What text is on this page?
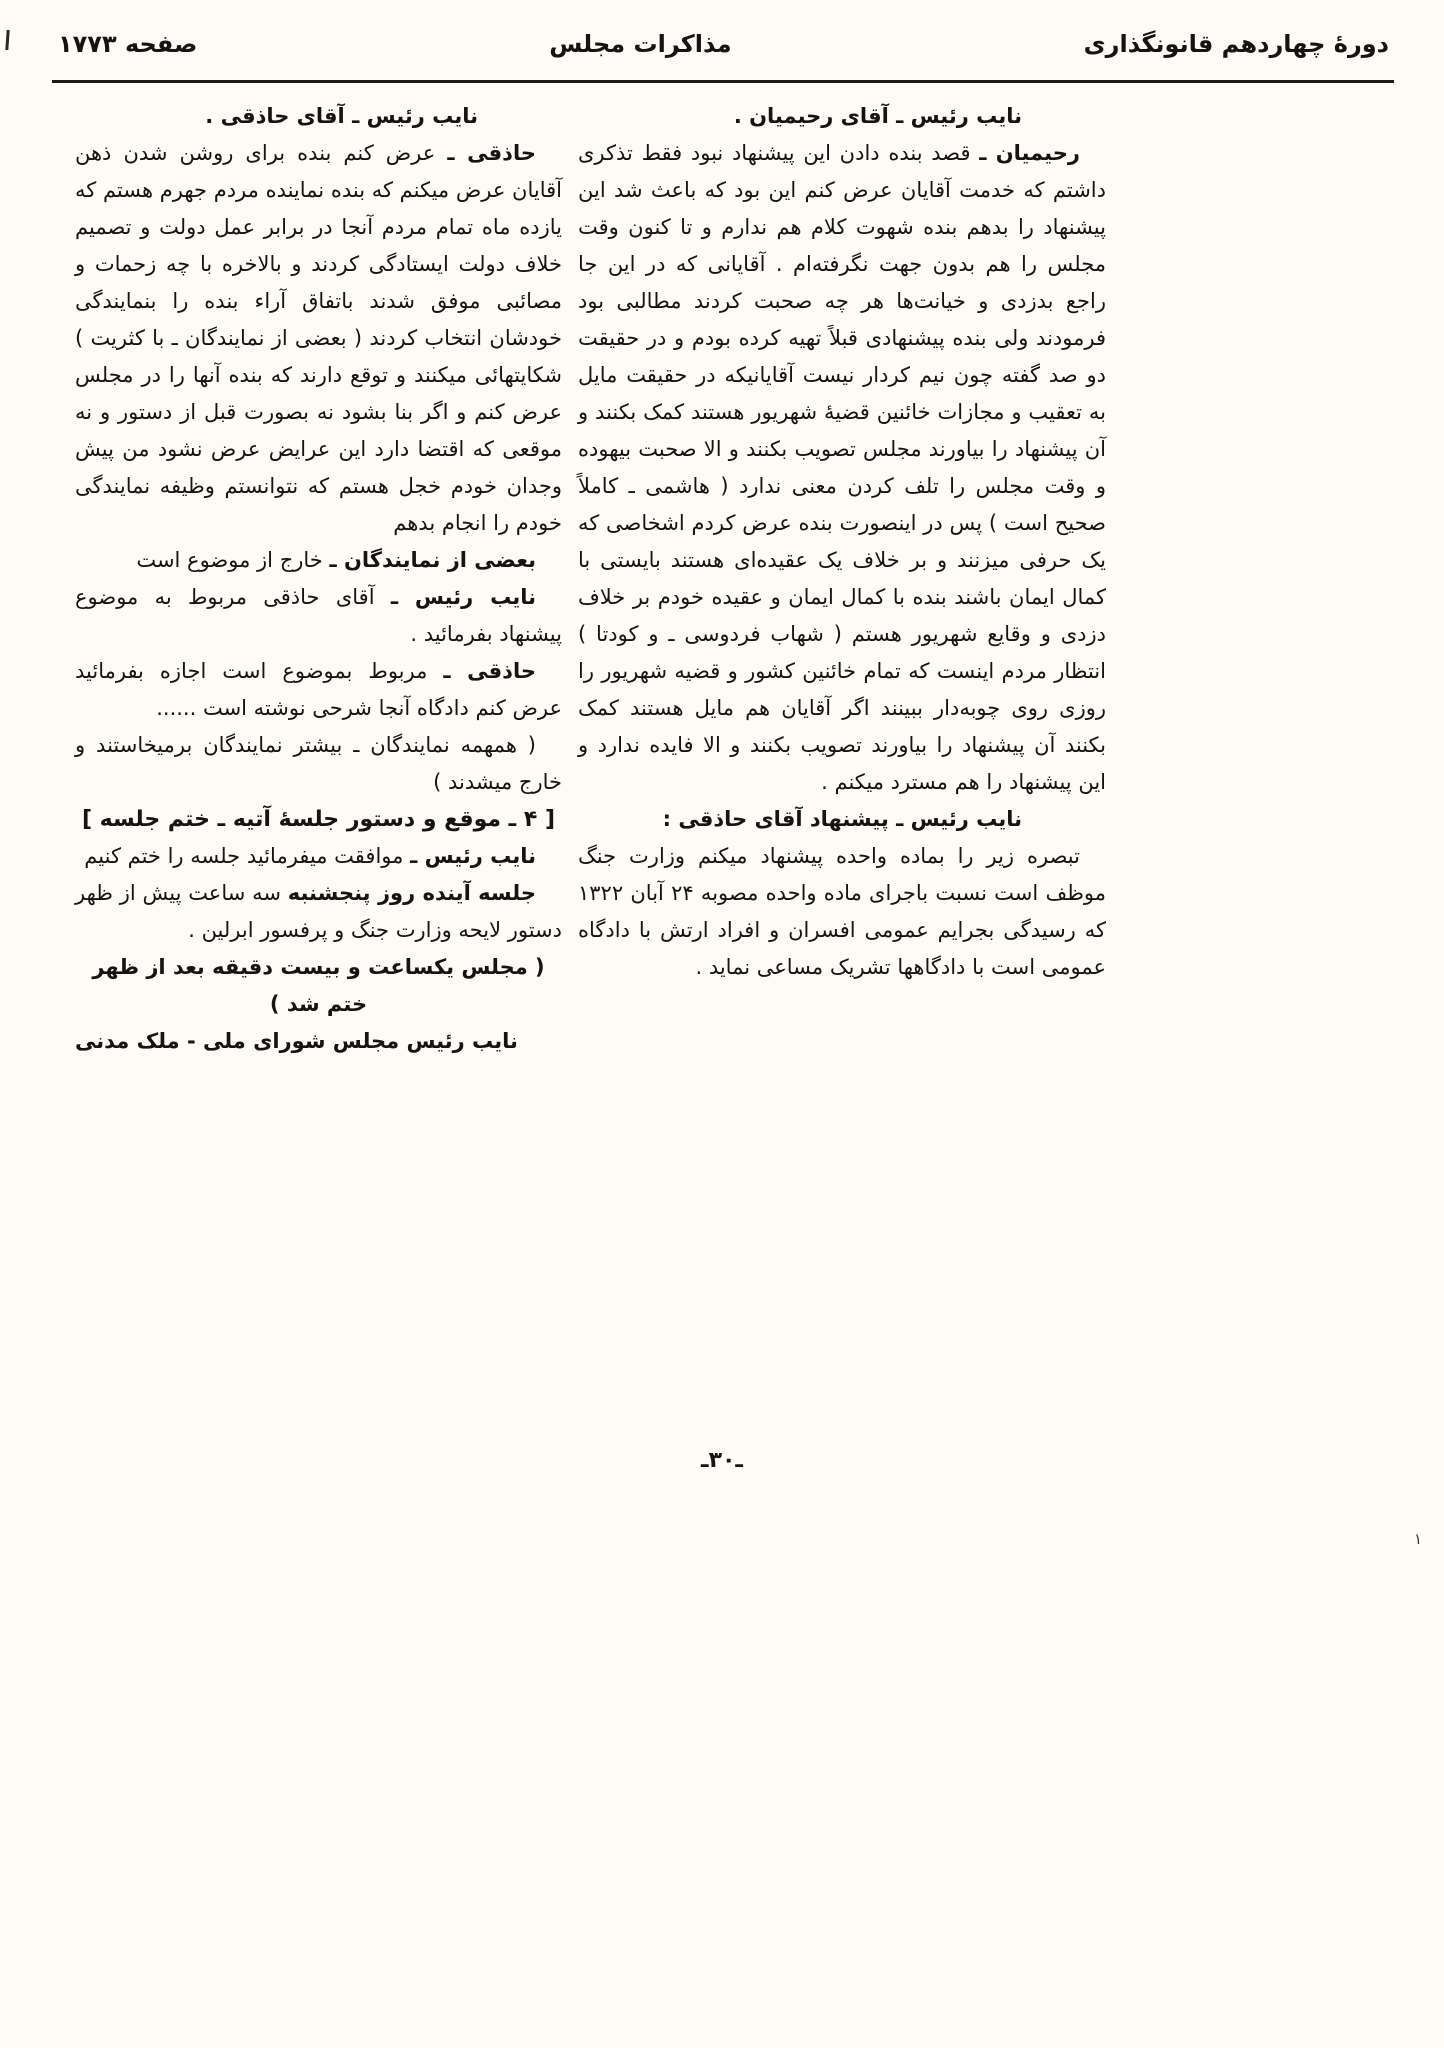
دورهٔ چهاردهم قانونگذاری
مذاکرات مجلس
صفحه ۱۷۷۳

نایب رئیس ـ آقای رحیمیان .

رحیمیان ـ قصد بنده دادن این پیشنهاد نبود فقط تذکری داشتم که خدمت آقایان عرض کنم این بود که باعث شد این پیشنهاد را بدهم بنده شهوت کلام هم ندارم و تا کنون وقت مجلس را هم بدون جهت نگرفته‌ام . آقایانی که در این جا راجع بدزدی و خیانت‌ها هر چه صحبت کردند مطالبی بود فرمودند ولی بنده پیشنهادی قبلاً تهیه کرده بودم و در حقیقت دو صد گفته چون نیم کردار نیست آقایانیکه در حقیقت مایل به تعقیب و مجازات خائنین قضیهٔ شهریور هستند کمک بکنند و آن پیشنهاد را بیاورند مجلس تصویب بکنند و الا صحبت بیهوده و وقت مجلس را تلف کردن معنی ندارد ( هاشمی ـ کاملاً صحیح است ) پس در اینصورت بنده عرض کردم اشخاصی که یک حرفی میزنند و بر خلاف یک عقیده‌ای هستند بایستی با کمال ایمان باشند بنده با کمال ایمان و عقیده خودم بر خلاف دزدی و وقایع شهریور هستم ( شهاب فردوسی ـ و کودتا ) انتظار مردم اینست که تمام خائنین کشور و قضیه شهریور را روزی روی چوبه‌دار ببینند اگر آقایان هم مایل هستند کمک بکنند آن پیشنهاد را بیاورند تصویب بکنند و الا فایده ندارد و این پیشنهاد را هم مسترد میکنم .

نایب رئیس ـ پیشنهاد آقای حاذقی :

تبصره زیر را بماده واحده پیشنهاد میکنم وزارت جنگ موظف است نسبت باجرای ماده واحده مصوبه ۲۴ آبان ۱۳۲۲ که رسیدگی بجرایم عمومی افسران و افراد ارتش با دادگاه عمومی است با دادگاهها تشریک مساعی نماید .

نایب رئیس ـ آقای حاذقی .

حاذقی ـ عرض کنم بنده برای روشن شدن ذهن آقایان عرض میکنم که بنده نماینده مردم جهرم هستم که یازده ماه تمام مردم آنجا در برابر عمل دولت و تصمیم خلاف دولت ایستادگی کردند و بالاخره با چه زحمات و مصائبی موفق شدند باتفاق آراء بنده را بنمایندگی خودشان انتخاب کردند ( بعضی از نمایندگان ـ با کثریت ) شکایتهائی میکنند و توقع دارند که بنده آنها را در مجلس عرض کنم و اگر بنا بشود نه بصورت قبل از دستور و نه موقعی که اقتضا دارد این عرایض عرض نشود من پیش وجدان خودم خجل هستم که نتوانستم وظیفه نمایندگی خودم را انجام بدهم

بعضی از نمایندگان ـ خارج از موضوع است

نایب رئیس ـ آقای حاذقی مربوط به موضوع پیشنهاد بفرمائید .

حاذقی ـ مربوط بموضوع است اجازه بفرمائید عرض کنم دادگاه آنجا شرحی نوشته است ......

( همهمه نمایندگان ـ بیشتر نمایندگان برمیخاستند و خارج میشدند )

[ ۴ ـ موقع و دستور جلسهٔ آتیه ـ ختم جلسه ]

نایب رئیس ـ موافقت میفرمائید جلسه را ختم کنیم

جلسه آینده روز پنجشنبه سه ساعت پیش از ظهر دستور لایحه وزارت جنگ و پرفسور ابرلین .

( مجلس یکساعت و بیست دقیقه بعد از ظهر ختم شد )

نایب رئیس مجلس شورای ملی - ملک مدنی

ـ۳۰ـ
۱
